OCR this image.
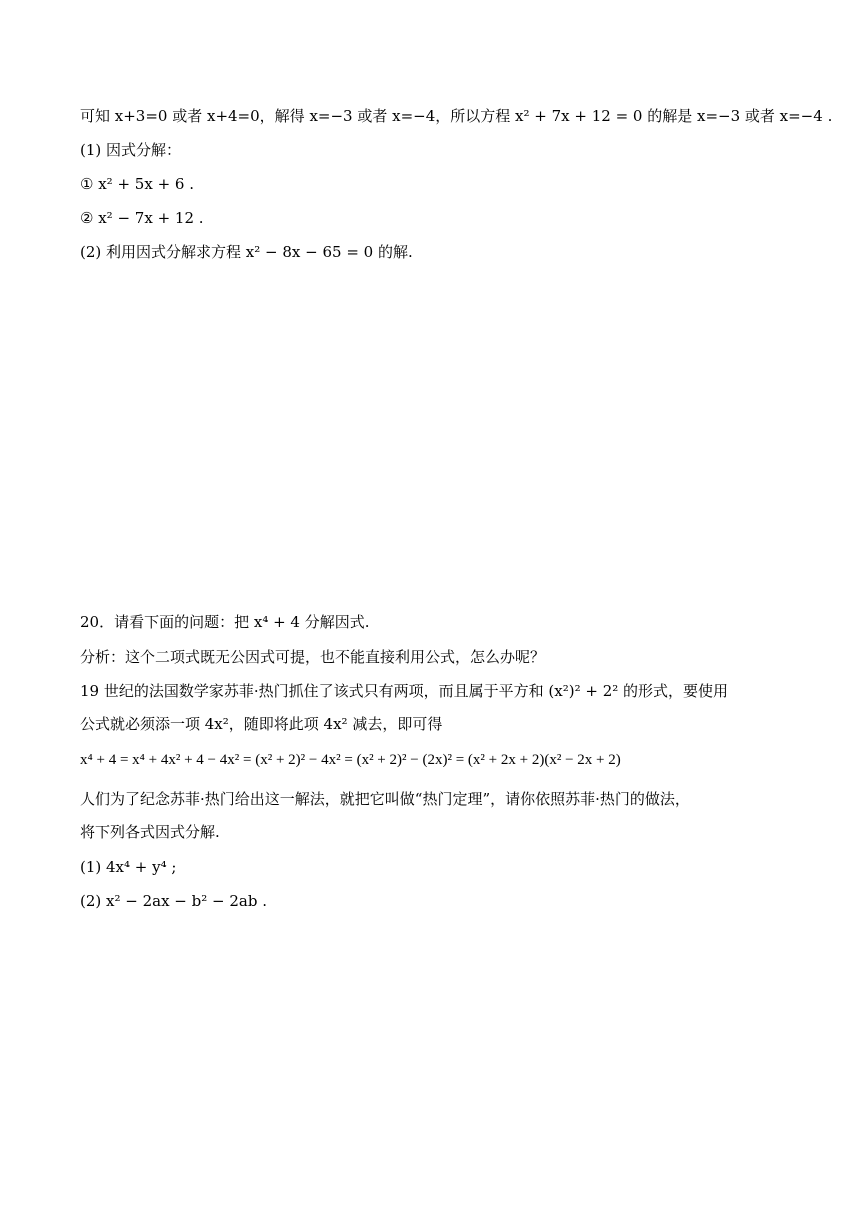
可知 x+3=0 或者 x+4=0，解得 x=−3 或者 x=−4，所以方程 x² + 7x + 12 = 0 的解是 x=−3 或者 x=−4 .
(1) 因式分解：
① x² + 5x + 6 .
② x² − 7x + 12 .
(2) 利用因式分解求方程 x² − 8x − 65 = 0 的解.
20．请看下面的问题：把 x⁴ + 4 分解因式.
分析：这个二项式既无公因式可提，也不能直接利用公式，怎么办呢？
19 世纪的法国数学家苏菲·热门抓住了该式只有两项，而且属于平方和 (x²)² + 2² 的形式，要使用
公式就必须添一项 4x²，随即将此项 4x² 减去，即可得
x⁴ + 4 = x⁴ + 4x² + 4 − 4x² = (x² + 2)² − 4x² = (x² + 2)² − (2x)² = (x² + 2x + 2)(x² − 2x + 2)
人们为了纪念苏菲·热门给出这一解法，就把它叫做“热门定理”，请你依照苏菲·热门的做法，
将下列各式因式分解.
(1) 4x⁴ + y⁴ ;
(2) x² − 2ax − b² − 2ab .
